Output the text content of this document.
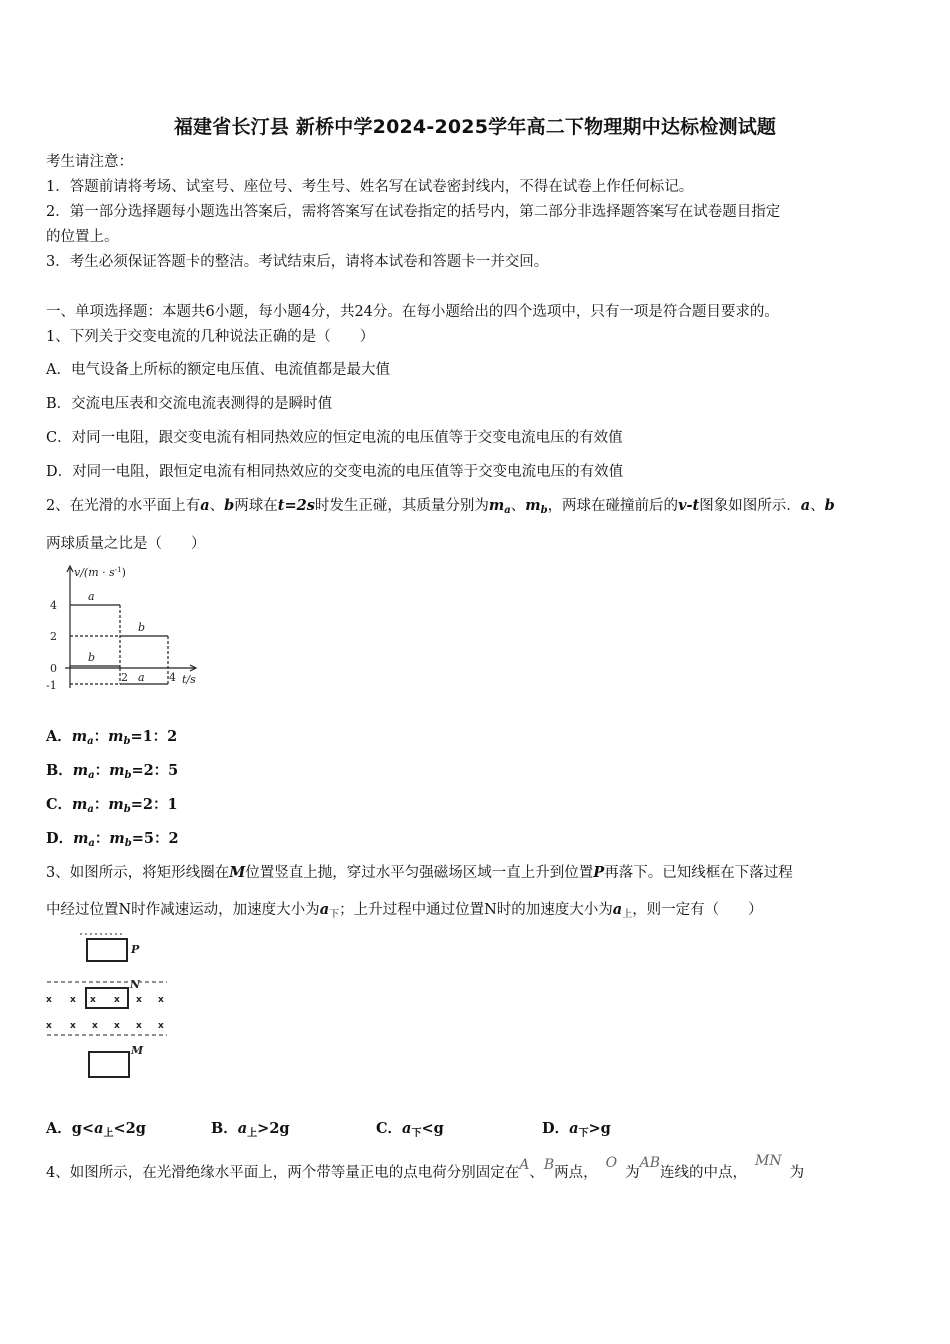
福建省长汀县 新桥中学2024-2025学年高二下物理期中达标检测试题
考生请注意：
1．答题前请将考场、试室号、座位号、考生号、姓名写在试卷密封线内，不得在试卷上作任何标记。
2．第一部分选择题每小题选出答案后，需将答案写在试卷指定的括号内，第二部分非选择题答案写在试卷题目指定
的位置上。
3．考生必须保证答题卡的整洁。考试结束后，请将本试卷和答题卡一并交回。
一、单项选择题：本题共6小题，每小题4分，共24分。在每小题给出的四个选项中，只有一项是符合题目要求的。
1、下列关于交变电流的几种说法正确的是（　　）
A．电气设备上所标的额定电压值、电流值都是最大值
B．交流电压表和交流电流表测得的是瞬时值
C．对同一电阻，跟交变电流有相同热效应的恒定电流的电压值等于交变电流电压的有效值
D．对同一电阻，跟恒定电流有相同热效应的交变电流的电压值等于交变电流电压的有效值
2、在光滑的水平面上有a、b两球在t=2s时发生正碰，其质量分别为$m_a$、$m_b$，两球在碰撞前后的v-t图象如图所示．a、b
两球质量之比是（　　）
$v/(m \cdot s^{-1})$
4
2
0
-1
2	4 t/s
a
b
b
a
A．$m_a$：$m_b=1$：2
B．$m_a$：$m_b=2$：5
C．$m_a$：$m_b=2$：1
D．$m_a$：$m_b=5$：2
3、如图所示，将矩形线圈在M位置竖直上抛，穿过水平匀强磁场区域一直上升到位置P再落下。已知线框在下落过程
中经过位置N时作减速运动，加速度大小为$a_下$；上升过程中通过位置N时的加速度大小为$a_上$，则一定有（　　）
x x x x x x
x x x x x x
P
N
M
A．$g<a_上<2g$	B．$a_上>2g$	C．$a_下<g$	D．$a_下>g$
4、如图所示，在光滑绝缘水平面上，两个带等量正电的点电荷分别固定在A、B两点，O为AB连线的中点，MN为
